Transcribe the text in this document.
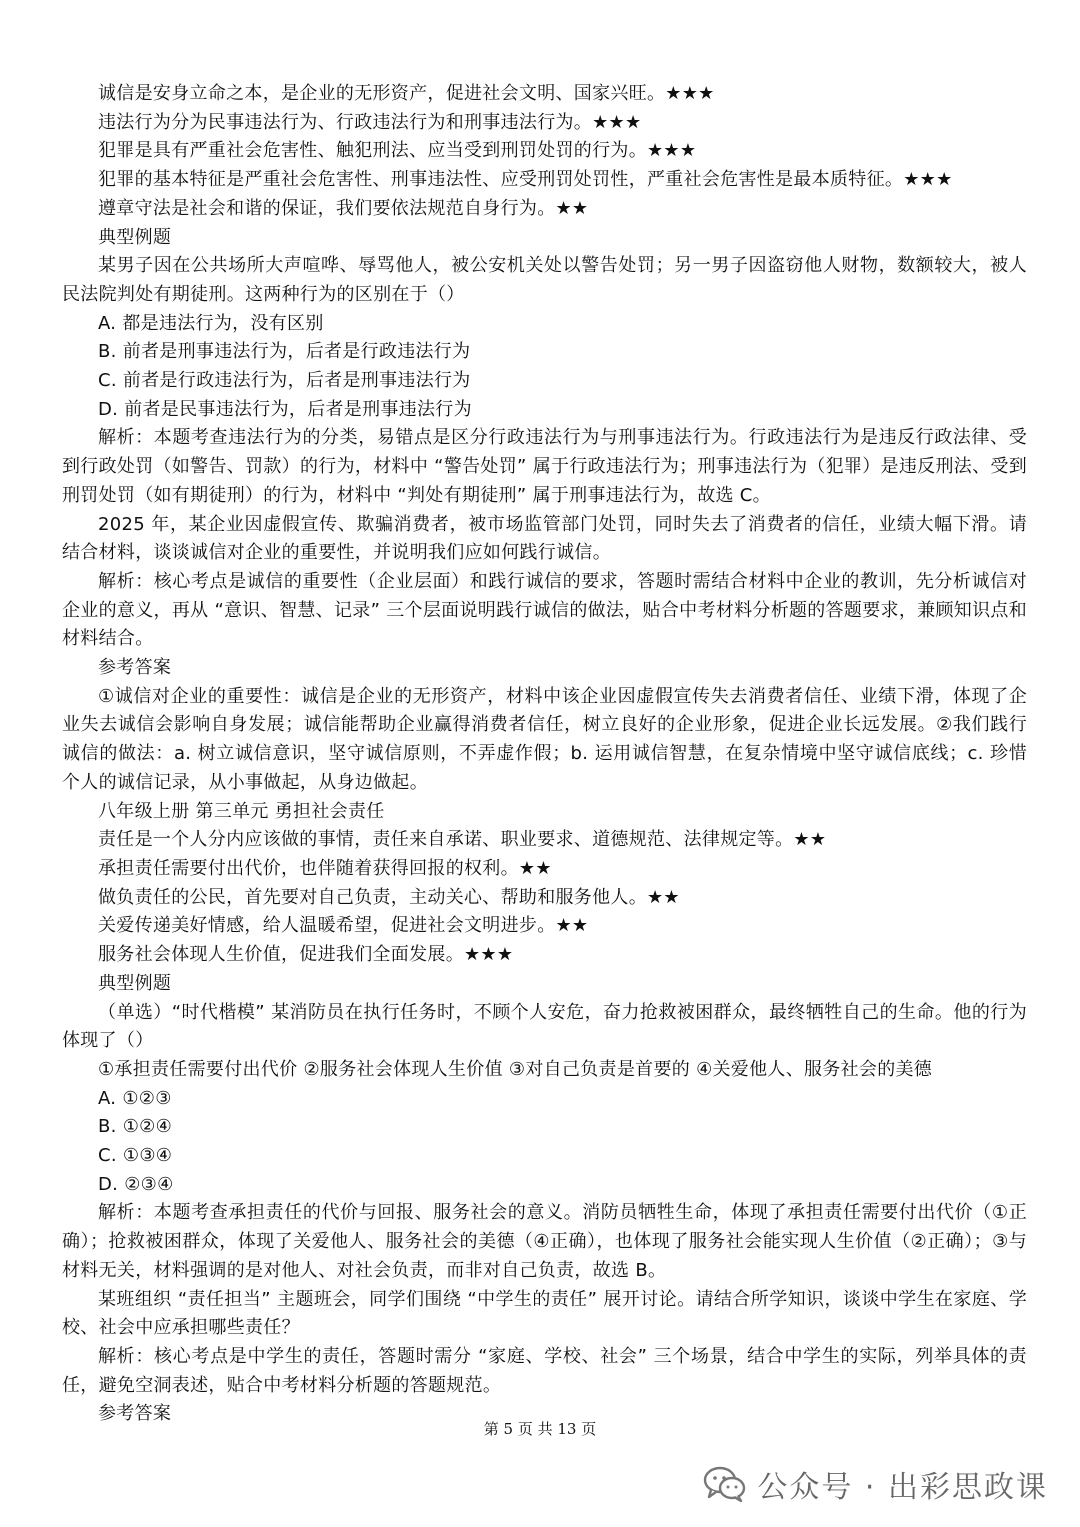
诚信是安身立命之本，是企业的无形资产，促进社会文明、国家兴旺。★★★

违法行为分为民事违法行为、行政违法行为和刑事违法行为。★★★

犯罪是具有严重社会危害性、触犯刑法、应当受到刑罚处罚的行为。★★★

犯罪的基本特征是严重社会危害性、刑事违法性、应受刑罚处罚性，严重社会危害性是最本质特征。★★★

遵章守法是社会和谐的保证，我们要依法规范自身行为。★★

典型例题

某男子因在公共场所大声喧哗、辱骂他人，被公安机关处以警告处罚；另一男子因盗窃他人财物，数额较大，被人民法院判处有期徒刑。这两种行为的区别在于（）

A. 都是违法行为，没有区别

B. 前者是刑事违法行为，后者是行政违法行为

C. 前者是行政违法行为，后者是刑事违法行为

D. 前者是民事违法行为，后者是刑事违法行为

解析：本题考查违法行为的分类，易错点是区分行政违法行为与刑事违法行为。行政违法行为是违反行政法律、受到行政处罚（如警告、罚款）的行为，材料中 “警告处罚” 属于行政违法行为；刑事违法行为（犯罪）是违反刑法、受到刑罚处罚（如有期徒刑）的行为，材料中 “判处有期徒刑” 属于刑事违法行为，故选 C。

2025 年，某企业因虚假宣传、欺骗消费者，被市场监管部门处罚，同时失去了消费者的信任，业绩大幅下滑。请结合材料，谈谈诚信对企业的重要性，并说明我们应如何践行诚信。

解析：核心考点是诚信的重要性（企业层面）和践行诚信的要求，答题时需结合材料中企业的教训，先分析诚信对企业的意义，再从 “意识、智慧、记录” 三个层面说明践行诚信的做法，贴合中考材料分析题的答题要求，兼顾知识点和材料结合。

参考答案

①诚信对企业的重要性：诚信是企业的无形资产，材料中该企业因虚假宣传失去消费者信任、业绩下滑，体现了企业失去诚信会影响自身发展；诚信能帮助企业赢得消费者信任，树立良好的企业形象，促进企业长远发展。②我们践行诚信的做法：a. 树立诚信意识，坚守诚信原则，不弄虚作假；b. 运用诚信智慧，在复杂情境中坚守诚信底线；c. 珍惜个人的诚信记录，从小事做起，从身边做起。

八年级上册 第三单元 勇担社会责任

责任是一个人分内应该做的事情，责任来自承诺、职业要求、道德规范、法律规定等。★★

承担责任需要付出代价，也伴随着获得回报的权利。★★

做负责任的公民，首先要对自己负责，主动关心、帮助和服务他人。★★

关爱传递美好情感，给人温暖希望，促进社会文明进步。★★

服务社会体现人生价值，促进我们全面发展。★★★

典型例题

（单选）“时代楷模” 某消防员在执行任务时，不顾个人安危，奋力抢救被困群众，最终牺牲自己的生命。他的行为体现了（）

①承担责任需要付出代价 ②服务社会体现人生价值 ③对自己负责是首要的 ④关爱他人、服务社会的美德

A. ①②③

B. ①②④

C. ①③④

D. ②③④

解析：本题考查承担责任的代价与回报、服务社会的意义。消防员牺牲生命，体现了承担责任需要付出代价（①正确）；抢救被困群众，体现了关爱他人、服务社会的美德（④正确），也体现了服务社会能实现人生价值（②正确）；③与材料无关，材料强调的是对他人、对社会负责，而非对自己负责，故选 B。

某班组织 “责任担当” 主题班会，同学们围绕 “中学生的责任” 展开讨论。请结合所学知识，谈谈中学生在家庭、学校、社会中应承担哪些责任？

解析：核心考点是中学生的责任，答题时需分 “家庭、学校、社会” 三个场景，结合中学生的实际，列举具体的责任，避免空洞表述，贴合中考材料分析题的答题规范。

参考答案

第 5 页 共 13 页
公众号 · 出彩思政课
